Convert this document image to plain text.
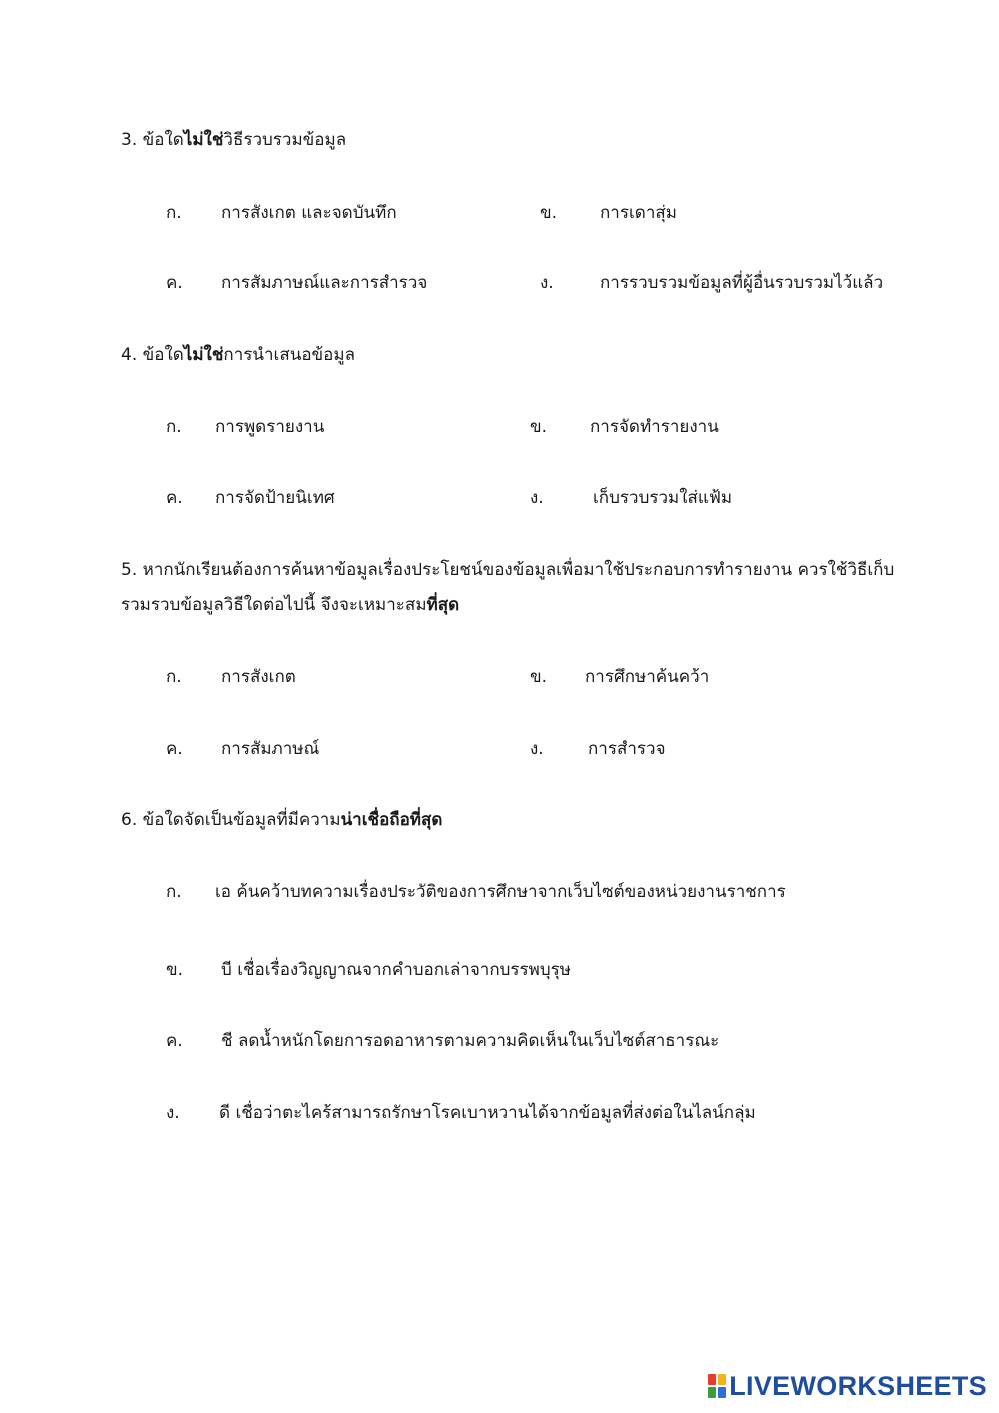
3. ข้อใดไม่ใช่วิธีรวบรวมข้อมูล
ก. การสังเกต และจดบันทึก	ข.	การเดาสุ่ม
ค. การสัมภาษณ์และการสำรวจ	ง.	การรวบรวมข้อมูลที่ผู้อื่นรวบรวมไว้แล้ว
4. ข้อใดไม่ใช่การนำเสนอข้อมูล
ก. การพูดรายงาน	ข.	การจัดทำรายงาน
ค. การจัดป้ายนิเทศ	ง.	เก็บรวบรวมใส่แฟ้ม
5. หากนักเรียนต้องการค้นหาข้อมูลเรื่องประโยชน์ของข้อมูลเพื่อมาใช้ประกอบการทำรายงาน ควรใช้วิธีเก็บ
รวมรวบข้อมูลวิธีใดต่อไปนี้ จึงจะเหมาะสมที่สุด
ก. การสังเกต	ข. การศึกษาค้นคว้า
ค. การสัมภาษณ์	ง.	การสำรวจ
6. ข้อใดจัดเป็นข้อมูลที่มีความน่าเชื่อถือที่สุด
ก. เอ ค้นคว้าบทความเรื่องประวัติของการศึกษาจากเว็บไซต์ของหน่วยงานราชการ
ข. บี เชื่อเรื่องวิญญาณจากคำบอกเล่าจากบรรพบุรุษ
ค. ชี ลดน้ำหนักโดยการอดอาหารตามความคิดเห็นในเว็บไซต์สาธารณะ
ง. ดี เชื่อว่าตะไคร้สามารถรักษาโรคเบาหวานได้จากข้อมูลที่ส่งต่อในไลน์กลุ่ม
LIVEWORKSHEETS
